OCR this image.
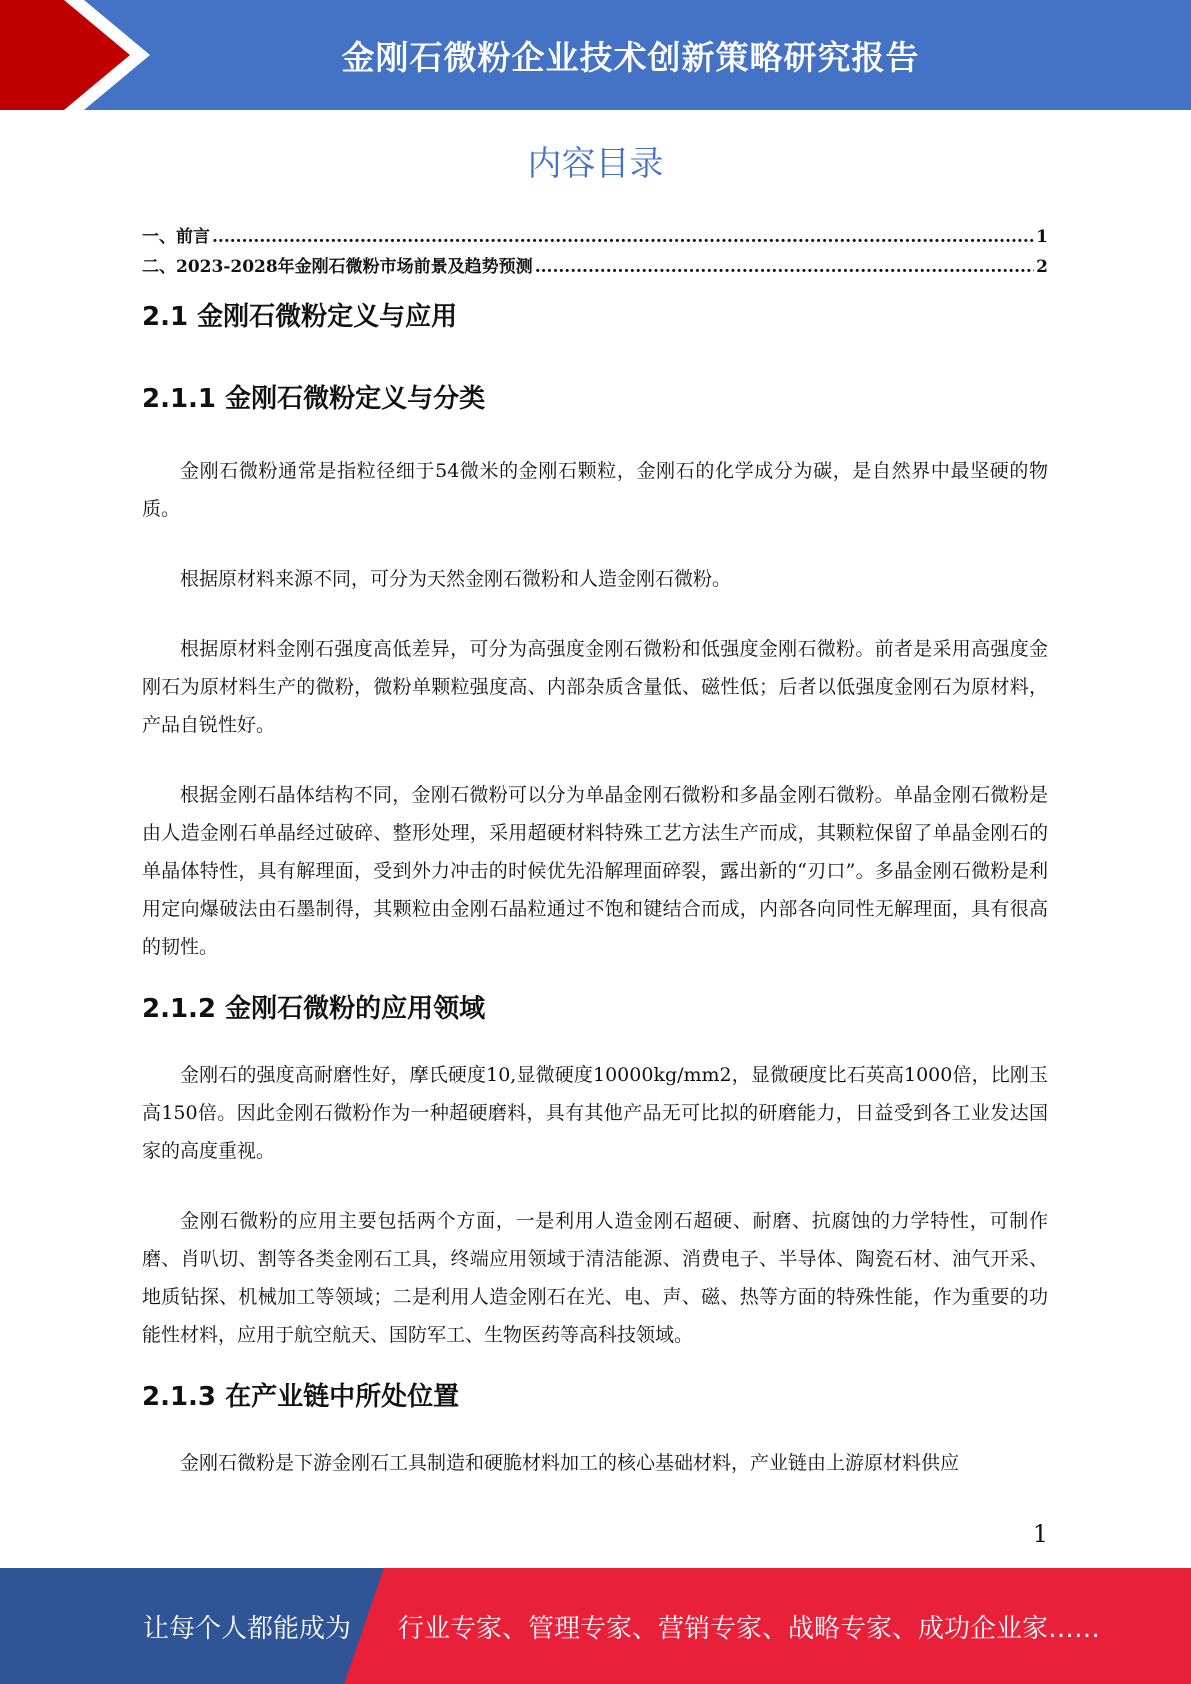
金刚石微粉企业技术创新策略研究报告
内容目录
一、前言 .....	1
二、2023-2028年金刚石微粉市场前景及趋势预测 .....	2
2.1 金刚石微粉定义与应用
2.1.1 金刚石微粉定义与分类

金刚石微粉通常是指粒径细于54微米的金刚石颗粒，金刚石的化学成分为碳，是自然界中最坚硬的物质。

根据原材料来源不同，可分为天然金刚石微粉和人造金刚石微粉。

根据原材料金刚石强度高低差异，可分为高强度金刚石微粉和低强度金刚石微粉。前者是采用高强度金刚石为原材料生产的微粉，微粉单颗粒强度高、内部杂质含量低、磁性低；后者以低强度金刚石为原材料，产品自锐性好。

根据金刚石晶体结构不同，金刚石微粉可以分为单晶金刚石微粉和多晶金刚石微粉。单晶金刚石微粉是由人造金刚石单晶经过破碎、整形处理，采用超硬材料特殊工艺方法生产而成，其颗粒保留了单晶金刚石的单晶体特性，具有解理面，受到外力冲击的时候优先沿解理面碎裂，露出新的“刃口”。多晶金刚石微粉是利用定向爆破法由石墨制得，其颗粒由金刚石晶粒通过不饱和键结合而成，内部各向同性无解理面，具有很高的韧性。

2.1.2 金刚石微粉的应用领域

金刚石的强度高耐磨性好，摩氏硬度10,显微硬度10000kg/mm2，显微硬度比石英高1000倍，比刚玉高150倍。因此金刚石微粉作为一种超硬磨料，具有其他产品无可比拟的研磨能力，日益受到各工业发达国家的高度重视。

金刚石微粉的应用主要包括两个方面，一是利用人造金刚石超硬、耐磨、抗腐蚀的力学特性，可制作磨、肖叭切、割等各类金刚石工具，终端应用领域于清洁能源、消费电子、半导体、陶瓷石材、油气开采、地质钻探、机械加工等领域；二是利用人造金刚石在光、电、声、磁、热等方面的特殊性能，作为重要的功能性材料，应用于航空航天、国防军工、生物医药等高科技领域。

2.1.3 在产业链中所处位置

金刚石微粉是下游金刚石工具制造和硬脆材料加工的核心基础材料，产业链由上游原材料供应

1
让每个人都能成为 行业专家、管理专家、营销专家、战略专家、成功企业家……
